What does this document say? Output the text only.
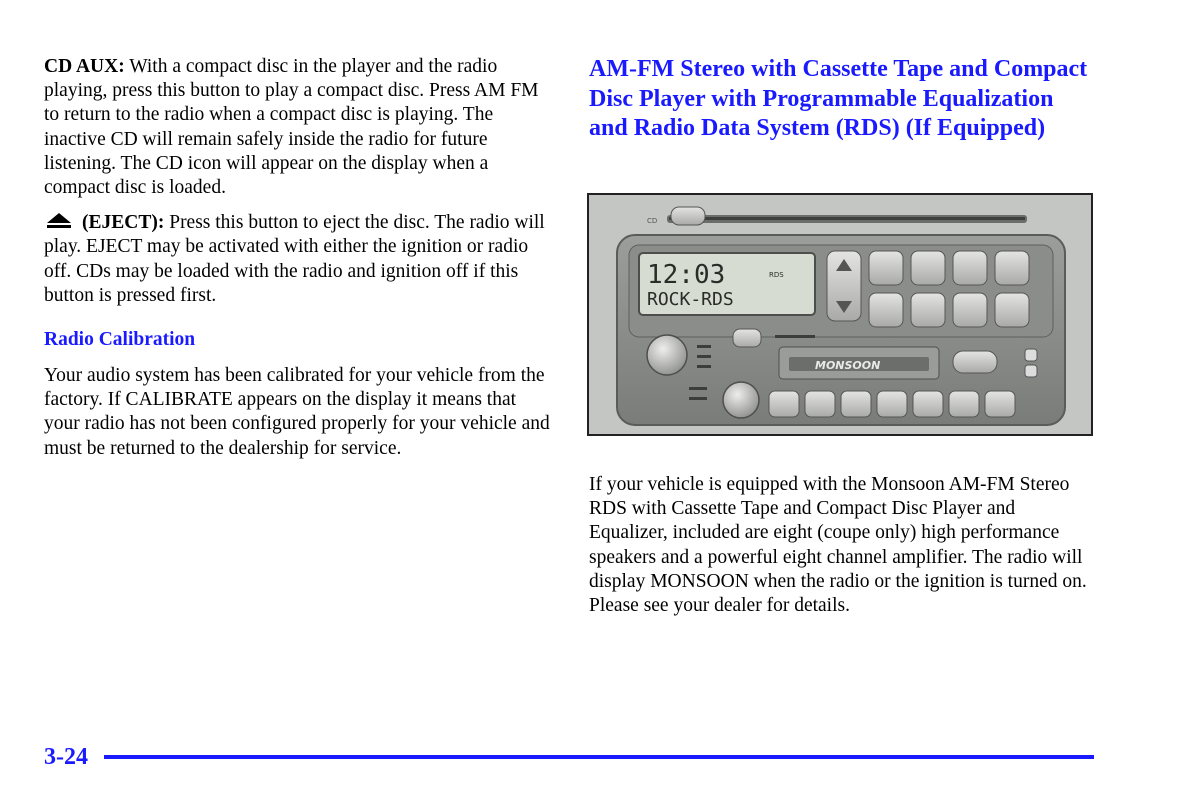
CD AUX: With a compact disc in the player and the radio playing, press this button to play a compact disc. Press AM FM to return to the radio when a compact disc is playing. The inactive CD will remain safely inside the radio for future listening. The CD icon will appear on the display when a compact disc is loaded.

(EJECT): Press this button to eject the disc. The radio will play. EJECT may be activated with either the ignition or radio off. CDs may be loaded with the radio and ignition off if this button is pressed first.

Radio Calibration

Your audio system has been calibrated for your vehicle from the factory. If CALIBRATE appears on the display it means that your radio has not been configured properly for your vehicle and must be returned to the dealership for service.

AM-FM Stereo with Cassette Tape and Compact Disc Player with Programmable Equalization and Radio Data System (RDS) (If Equipped)
CD
12:03
ROCK-RDS
RDS
MONSOON

If your vehicle is equipped with the Monsoon AM-FM Stereo RDS with Cassette Tape and Compact Disc Player and Equalizer, included are eight (coupe only) high performance speakers and a powerful eight channel amplifier. The radio will display MONSOON when the radio or the ignition is turned on. Please see your dealer for details.

3-24
